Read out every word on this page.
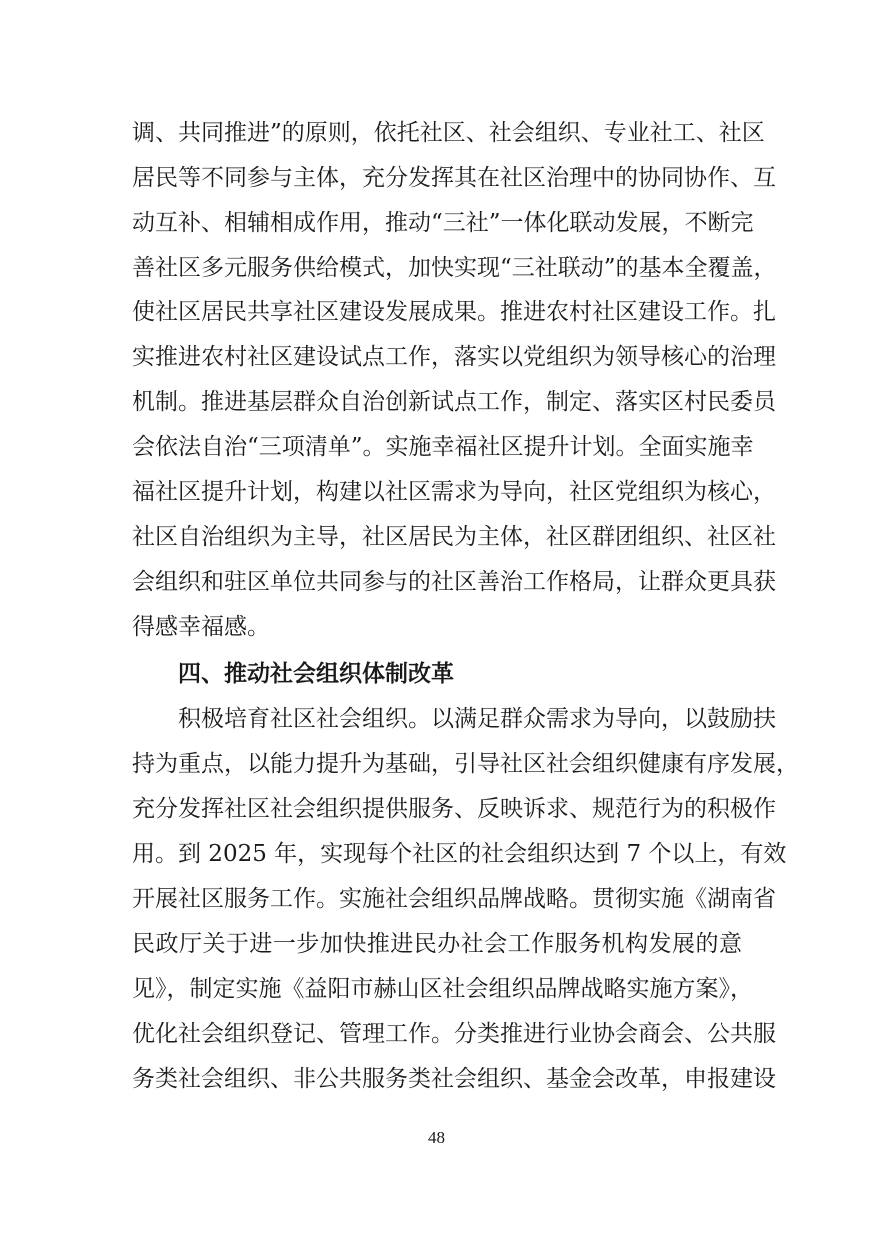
调、共同推进”的原则，依托社区、社会组织、专业社工、社区
居民等不同参与主体，充分发挥其在社区治理中的协同协作、互
动互补、相辅相成作用，推动“三社”一体化联动发展，不断完
善社区多元服务供给模式，加快实现“三社联动”的基本全覆盖，
使社区居民共享社区建设发展成果。推进农村社区建设工作。扎
实推进农村社区建设试点工作，落实以党组织为领导核心的治理
机制。推进基层群众自治创新试点工作，制定、落实区村民委员
会依法自治“三项清单”。实施幸福社区提升计划。全面实施幸
福社区提升计划，构建以社区需求为导向，社区党组织为核心，
社区自治组织为主导，社区居民为主体，社区群团组织、社区社
会组织和驻区单位共同参与的社区善治工作格局，让群众更具获
得感幸福感。
四、推动社会组织体制改革
积极培育社区社会组织。以满足群众需求为导向，以鼓励扶
持为重点，以能力提升为基础，引导社区社会组织健康有序发展，
充分发挥社区社会组织提供服务、反映诉求、规范行为的积极作
用。到 2025 年，实现每个社区的社会组织达到 7 个以上，有效
开展社区服务工作。实施社会组织品牌战略。贯彻实施《湖南省
民政厅关于进一步加快推进民办社会工作服务机构发展的意
见》，制定实施《益阳市赫山区社会组织品牌战略实施方案》，
优化社会组织登记、管理工作。分类推进行业协会商会、公共服
务类社会组织、非公共服务类社会组织、基金会改革，申报建设
48
